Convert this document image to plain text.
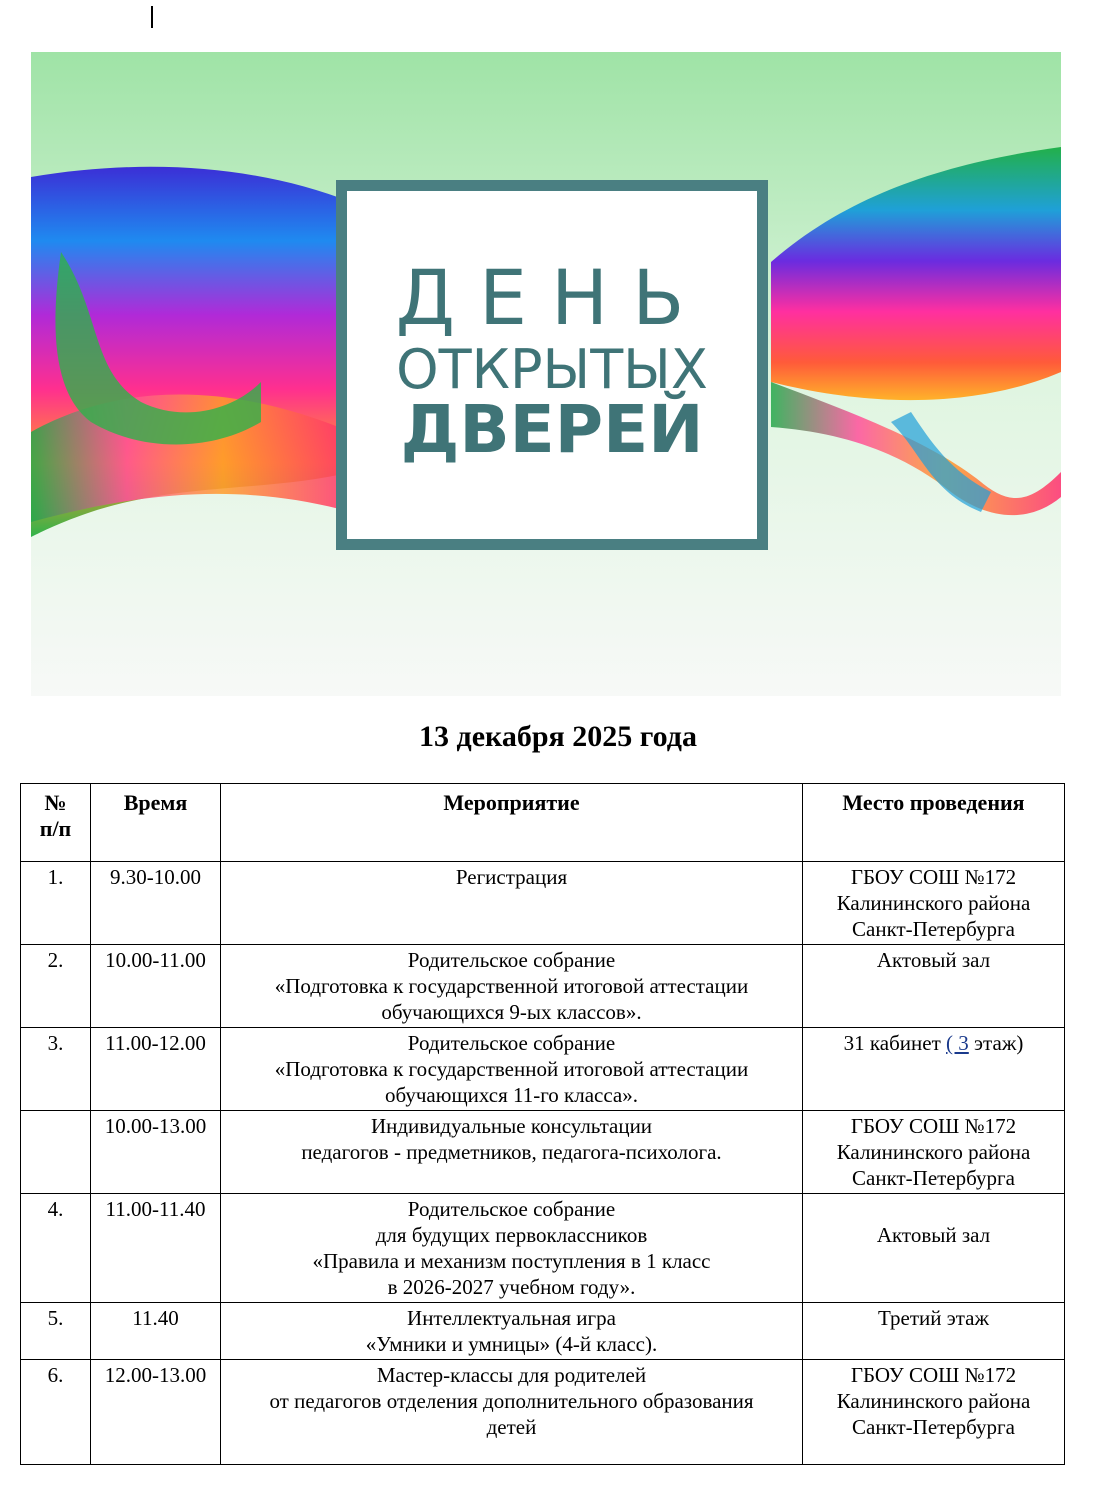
ДЕНЬ
ОТКРЫТЫХ
ДВЕРЕЙ
13 декабря 2025 года
№
п/п	Время	Мероприятие	Место проведения
1.	9.30-10.00	Регистрация	ГБОУ СОШ №172
Калининского района
Санкт-Петербурга

2.	10.00-11.00	Родительское собрание
«Подготовка к государственной итоговой аттестации
обучающихся 9-ых классов».	Актовый зал

3.	11.00-12.00	Родительское собрание
«Подготовка к государственной итоговой аттестации
обучающихся 11-го класса».	31 кабинет ( 3 этаж)
	10.00-13.00	Индивидуальные консультации
педагогов - предметников, педагога-психолога.	ГБОУ СОШ №172
Калининского района
Санкт-Петербурга

4.	11.00-11.40	Родительское собрание
для будущих первоклассников
«Правила и механизм поступления в 1 класс
в 2026-2027 учебном году».	Актовый зал

5.	11.40	Интеллектуальная игра
«Умники и умницы» (4-й класс).	Третий этаж

6.	12.00-13.00	Мастер-классы для родителей
от педагогов отделения дополнительного образования
детей	ГБОУ СОШ №172
Калининского района
Санкт-Петербурга
